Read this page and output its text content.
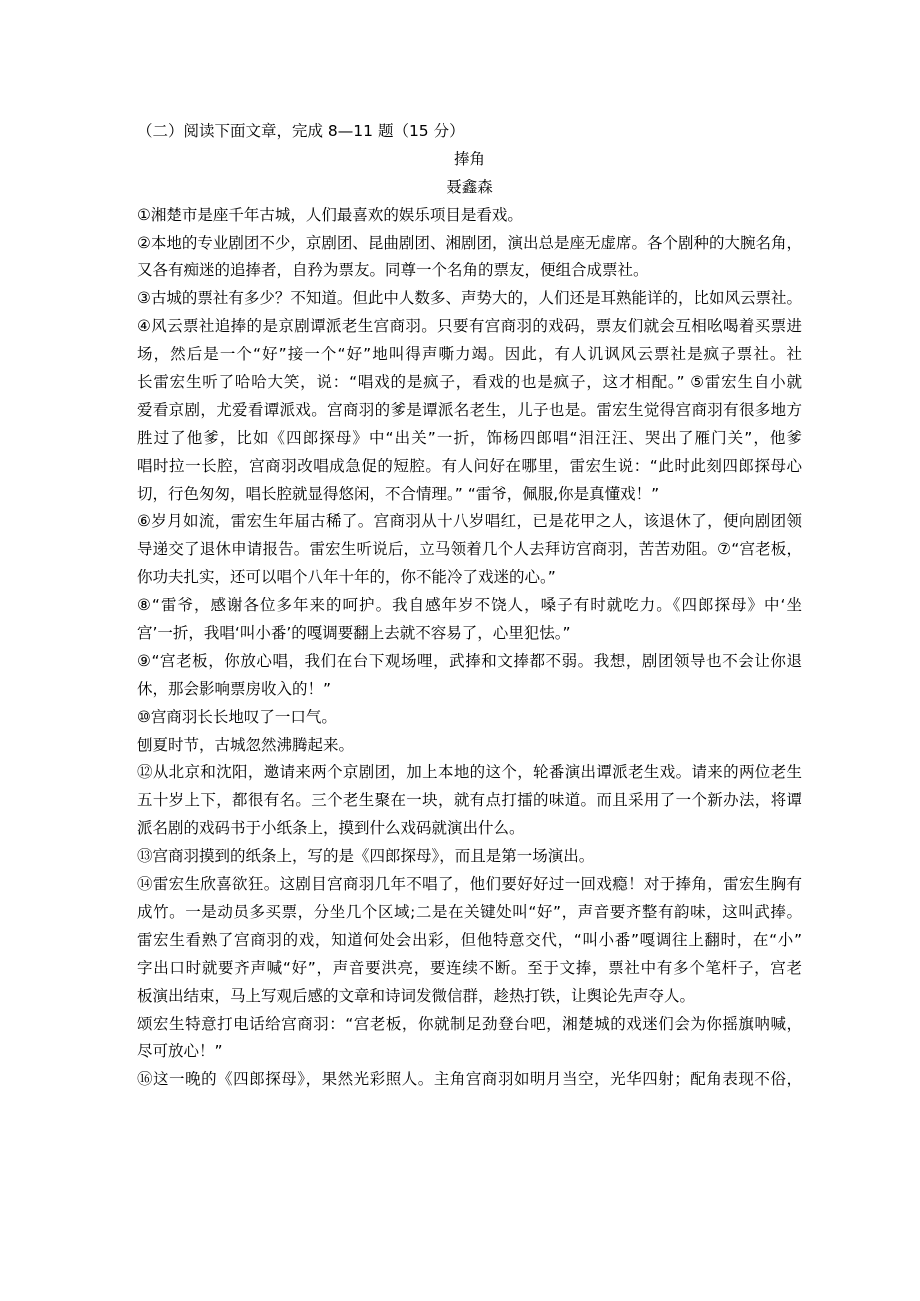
（二）阅读下面文章，完成 8—11 题（15 分）
捧角
聂鑫森
①湘楚市是座千年古城，人们最喜欢的娱乐项目是看戏。
②本地的专业剧团不少，京剧团、昆曲剧团、湘剧团，演出总是座无虚席。各个剧种的大腕名角，
又各有痴迷的追捧者，自矜为票友。同尊一个名角的票友，便组合成票社。
③古城的票社有多少？不知道。但此中人数多、声势大的，人们还是耳熟能详的，比如风云票社。
④风云票社追捧的是京剧谭派老生宫商羽。只要有宫商羽的戏码，票友们就会互相吆喝着买票进
场，然后是一个“好”接一个“好”地叫得声嘶力竭。因此，有人讥讽风云票社是疯子票社。社
长雷宏生听了哈哈大笑，说：“唱戏的是疯子，看戏的也是疯子，这才相配。” ⑤雷宏生自小就
爱看京剧，尤爱看谭派戏。宫商羽的爹是谭派名老生，儿子也是。雷宏生觉得宫商羽有很多地方
胜过了他爹，比如《四郎探母》中“出关”一折，饰杨四郎唱“泪汪汪、哭出了雁门关”，他爹
唱时拉一长腔，宫商羽改唱成急促的短腔。有人问好在哪里，雷宏生说：“此时此刻四郎探母心
切，行色匆匆，唱长腔就显得悠闲，不合情理。” “雷爷，佩服,你是真懂戏！”
⑥岁月如流，雷宏生年届古稀了。宫商羽从十八岁唱红，已是花甲之人，该退休了，便向剧团领
导递交了退休申请报告。雷宏生听说后，立马领着几个人去拜访宫商羽，苦苦劝阻。⑦“宫老板，
你功夫扎实，还可以唱个八年十年的，你不能冷了戏迷的心。”
⑧“雷爷，感谢各位多年来的呵护。我自感年岁不饶人，嗓子有时就吃力。《四郎探母》中‘坐
宫’一折，我唱‘叫小番’的嘎调要翻上去就不容易了，心里犯怯。”
⑨“宫老板，你放心唱，我们在台下观场哩，武捧和文捧都不弱。我想，剧团领导也不会让你退
休，那会影响票房收入的！”
⑩宫商羽长长地叹了一口气。
刨夏时节，古城忽然沸腾起来。
⑫从北京和沈阳，邀请来两个京剧团，加上本地的这个，轮番演出谭派老生戏。请来的两位老生
五十岁上下，都很有名。三个老生聚在一块，就有点打擂的味道。而且采用了一个新办法，将谭
派名剧的戏码书于小纸条上，摸到什么戏码就演出什么。
⑬宫商羽摸到的纸条上，写的是《四郎探母》，而且是第一场演出。
⑭雷宏生欣喜欲狂。这剧目宫商羽几年不唱了，他们要好好过一回戏瘾！对于捧角，雷宏生胸有
成竹。一是动员多买票，分坐几个区域;二是在关键处叫“好”，声音要齐整有韵味，这叫武捧。
雷宏生看熟了宫商羽的戏，知道何处会出彩，但他特意交代，“叫小番”嘎调往上翻时，在“小”
字出口时就要齐声喊“好”，声音要洪亮，要连续不断。至于文捧，票社中有多个笔杆子，宫老
板演出结束，马上写观后感的文章和诗词发微信群，趁热打铁，让舆论先声夺人。
颂宏生特意打电话给宫商羽：“宫老板，你就制足劲登台吧，湘楚城的戏迷们会为你摇旗呐喊，
尽可放心！”
⑯这一晚的《四郎探母》，果然光彩照人。主角宫商羽如明月当空，光华四射；配角表现不俗，
